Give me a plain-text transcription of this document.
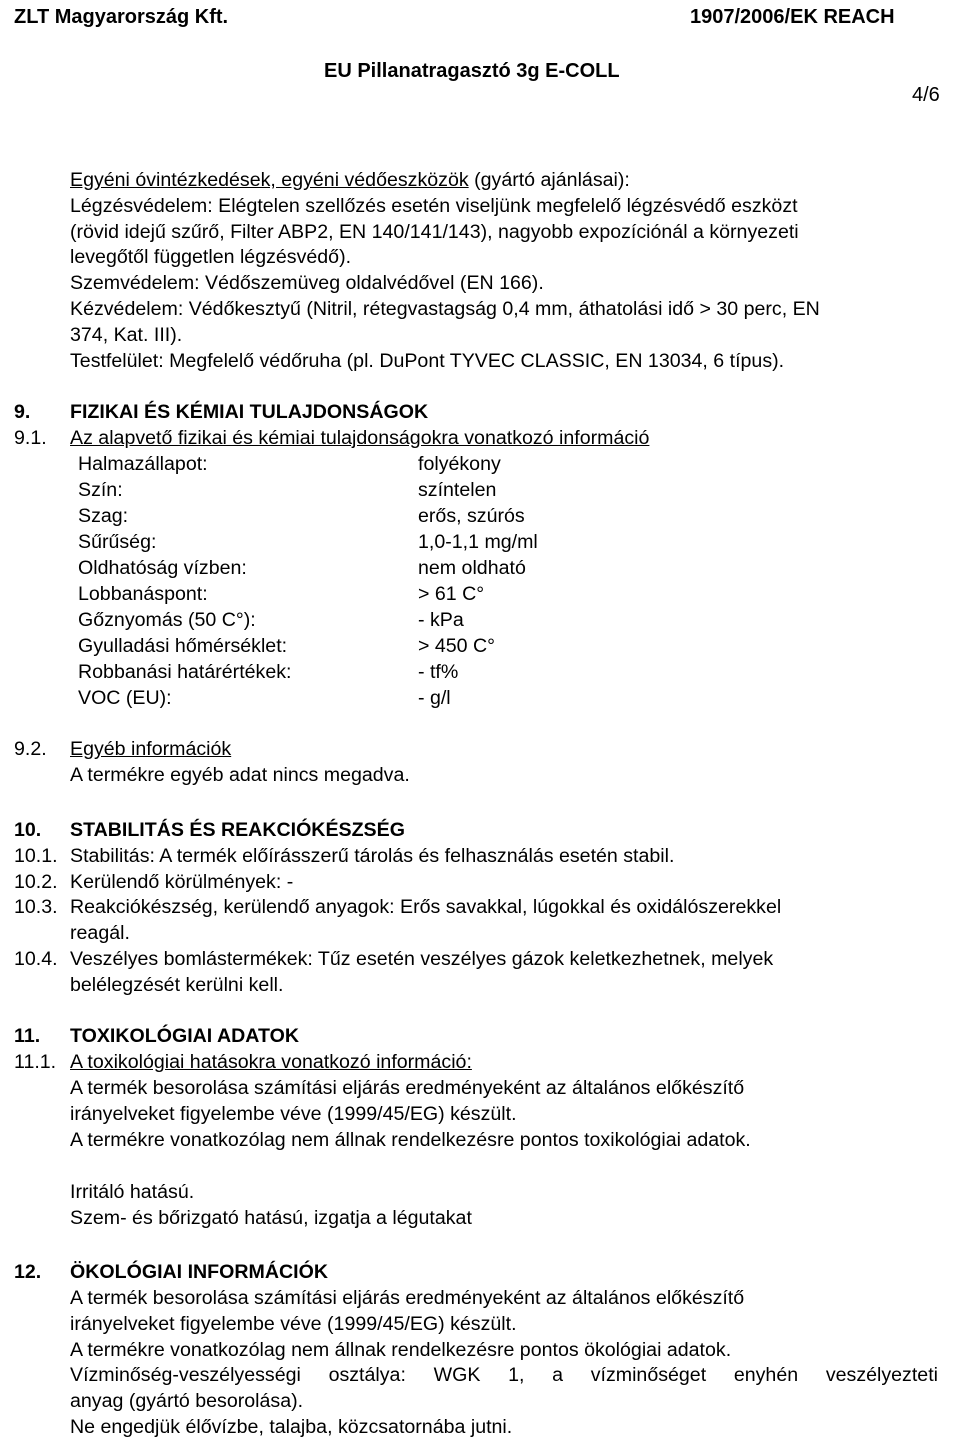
ZLT Magyarország Kft.	1907/2006/EK REACH
EU Pillanatragasztó 3g E-COLL
4/6
Egyéni óvintézkedések, egyéni védőeszközök (gyártó ajánlásai):
Légzésvédelem: Elégtelen szellőzés esetén viseljünk megfelelő légzésvédő eszközt
(rövid idejű szűrő, Filter ABP2, EN 140/141/143), nagyobb expozíciónál a környezeti
levegőtől független légzésvédő).
Szemvédelem: Védőszemüveg oldalvédővel (EN 166).
Kézvédelem: Védőkesztyű (Nitril, rétegvastagság 0,4 mm, áthatolási idő > 30 perc, EN
374, Kat. III).
Testfelület: Megfelelő védőruha (pl. DuPont TYVEC CLASSIC, EN 13034, 6 típus).
9. FIZIKAI ÉS KÉMIAI TULAJDONSÁGOK
9.1. Az alapvető fizikai és kémiai tulajdonságokra vonatkozó információ
Halmazállapot:	folyékony
Szín:	színtelen
Szag:	erős, szúrós
Sűrűség:	1,0-1,1 mg/ml
Oldhatóság vízben:	nem oldható
Lobbanáspont:	> 61 C°
Gőznyomás (50 C°):	- kPa
Gyulladási hőmérséklet:	> 450 C°
Robbanási határértékek:	- tf%
VOC (EU):	- g/l
9.2. Egyéb információk
A termékre egyéb adat nincs megadva.
10. STABILITÁS ÉS REAKCIÓKÉSZSÉG
10.1. Stabilitás: A termék előírásszerű tárolás és felhasználás esetén stabil.
10.2. Kerülendő körülmények: -
10.3. Reakciókészség, kerülendő anyagok: Erős savakkal, lúgokkal és oxidálószerekkel
reagál.
10.4. Veszélyes bomlástermékek: Tűz esetén veszélyes gázok keletkezhetnek, melyek
belélegzését kerülni kell.
11. TOXIKOLÓGIAI ADATOK
11.1. A toxikológiai hatásokra vonatkozó információ:
A termék besorolása számítási eljárás eredményeként az általános előkészítő
irányelveket figyelembe véve (1999/45/EG) készült.
A termékre vonatkozólag nem állnak rendelkezésre pontos toxikológiai adatok.
Irritáló hatású.
Szem- és bőrizgató hatású, izgatja a légutakat
12. ÖKOLÓGIAI INFORMÁCIÓK
A termék besorolása számítási eljárás eredményeként az általános előkészítő
irányelveket figyelembe véve (1999/45/EG) készült.
A termékre vonatkozólag nem állnak rendelkezésre pontos ökológiai adatok.
Vízminőség-veszélyességi osztálya: WGK 1, a vízminőséget enyhén veszélyezteti
anyag (gyártó besorolása).
Ne engedjük élővízbe, talajba, közcsatornába jutni.
